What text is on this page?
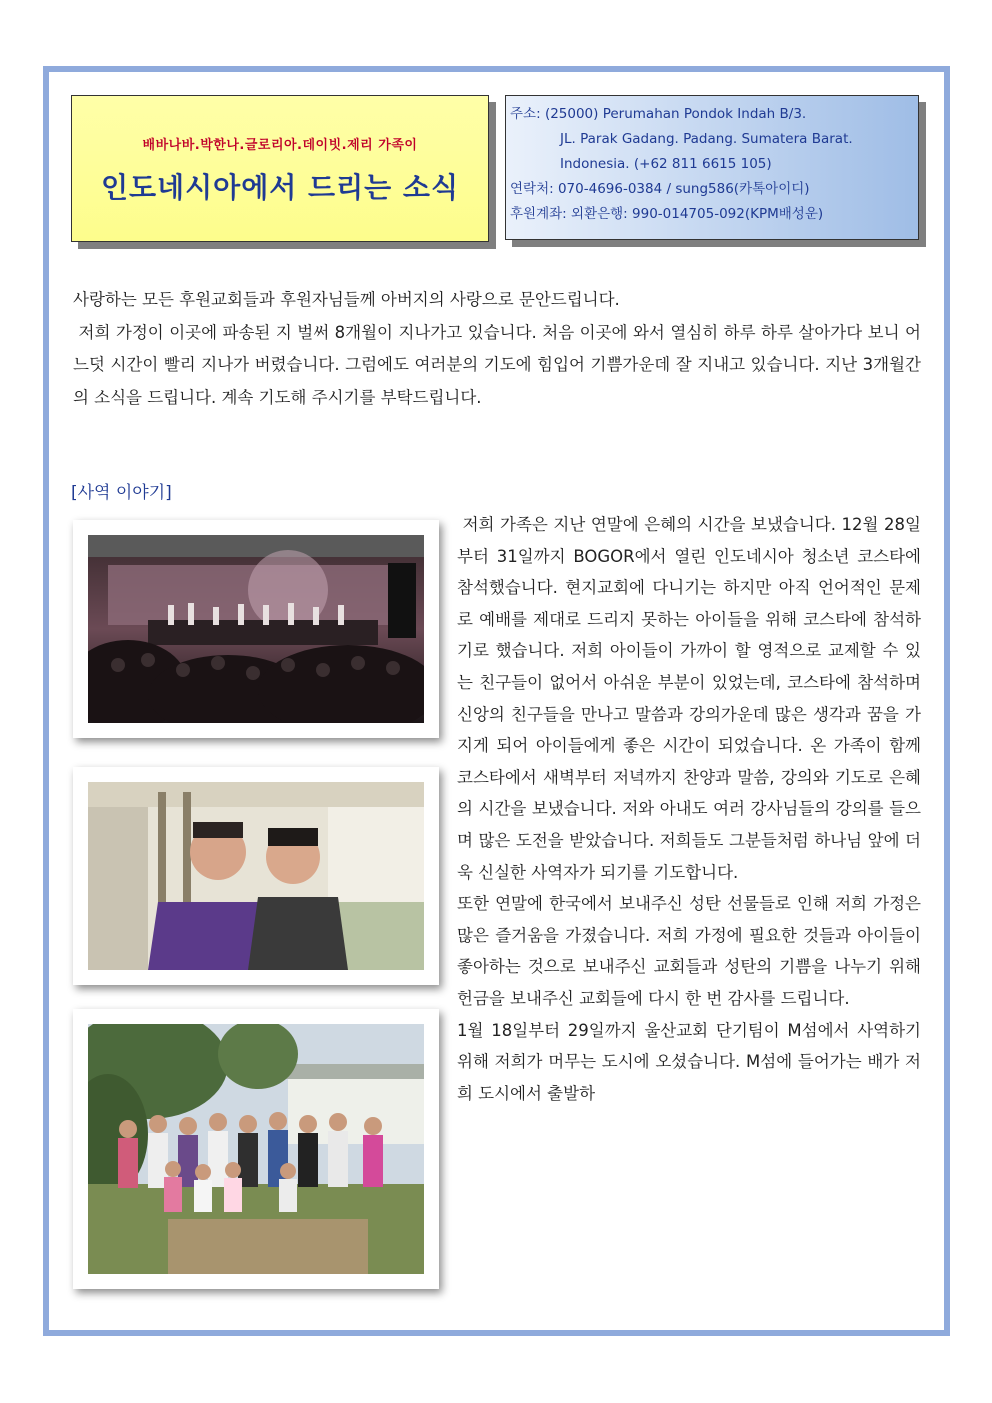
배바나바.박한나.글로리아.데이빗.제리 가족이
인도네시아에서 드리는 소식
주소: (25000) Perumahan Pondok Indah B/3.
JL. Parak Gadang. Padang. Sumatera Barat.
Indonesia. (+62 811 6615 105)
연락처: 070-4696-0384 / sung586(카톡아이디)
후원계좌: 외환은행: 990-014705-092(KPM배성운)

사랑하는 모든 후원교회들과 후원자님들께 아버지의 사랑으로 문안드립니다.

저희 가정이 이곳에 파송된 지 벌써 8개월이 지나가고 있습니다. 처음 이곳에 와서 열심히 하루 하루 살아가다 보니 어느덧 시간이 빨리 지나가 버렸습니다. 그럼에도 여러분의 기도에 힘입어 기쁨가운데 잘 지내고 있습니다. 지난 3개월간의 소식을 드립니다. 계속 기도해 주시기를 부탁드립니다.

[사역 이야기]

저희 가족은 지난 연말에 은혜의 시간을 보냈습니다. 12월 28일부터 31일까지 BOGOR에서 열린 인도네시아 청소년 코스타에 참석했습니다. 현지교회에 다니기는 하지만 아직 언어적인 문제로 예배를 제대로 드리지 못하는 아이들을 위해 코스타에 참석하기로 했습니다. 저희 아이들이 가까이 할 영적으로 교제할 수 있는 친구들이 없어서 아쉬운 부분이 있었는데, 코스타에 참석하며 신앙의 친구들을 만나고 말씀과 강의가운데 많은 생각과 꿈을 가지게 되어 아이들에게 좋은 시간이 되었습니다. 온 가족이 함께 코스타에서 새벽부터 저녁까지 찬양과 말씀, 강의와 기도로 은혜의 시간을 보냈습니다. 저와 아내도 여러 강사님들의 강의를 들으며 많은 도전을 받았습니다. 저희들도 그분들처럼 하나님 앞에 더욱 신실한 사역자가 되기를 기도합니다.

또한 연말에 한국에서 보내주신 성탄 선물들로 인해 저희 가정은 많은 즐거움을 가졌습니다. 저희 가정에 필요한 것들과 아이들이 좋아하는 것으로 보내주신 교회들과 성탄의 기쁨을 나누기 위해 헌금을 보내주신 교회들에 다시 한 번 감사를 드립니다.

1월 18일부터 29일까지 울산교회 단기팀이 M섬에서 사역하기 위해 저희가 머무는 도시에 오셨습니다. M섬에 들어가는 배가 저희 도시에서 출발하
